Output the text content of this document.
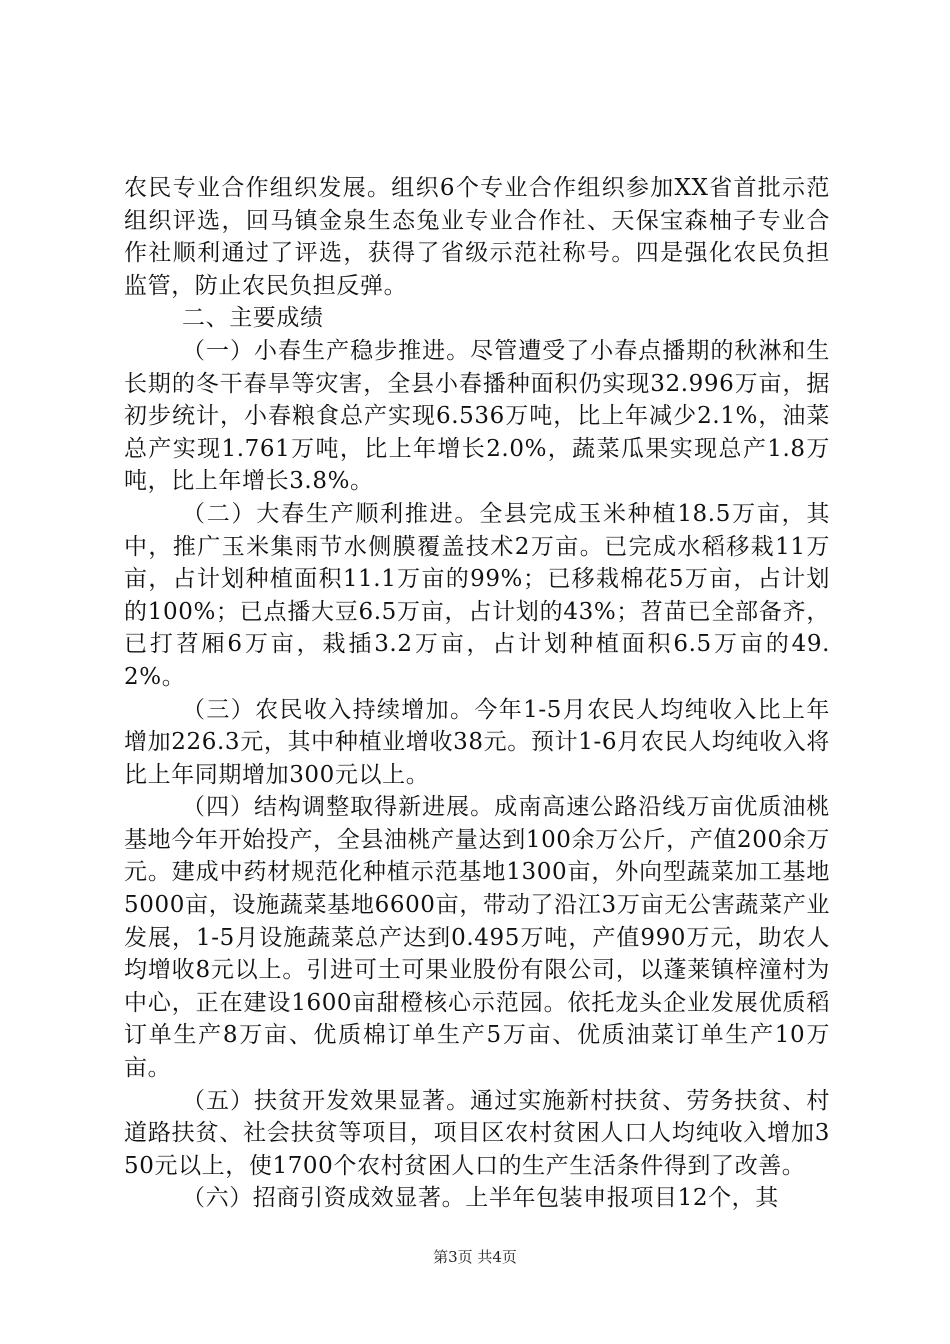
农民专业合作组织发展。组织6个专业合作组织参加XX省首批示范组织评选，回马镇金泉生态兔业专业合作社、天保宝森柚子专业合作社顺利通过了评选，获得了省级示范社称号。四是强化农民负担监管，防止农民负担反弹。

二、主要成绩

（一）小春生产稳步推进。尽管遭受了小春点播期的秋淋和生长期的冬干春旱等灾害，全县小春播种面积仍实现32.996万亩，据初步统计，小春粮食总产实现6.536万吨，比上年减少2.1%，油菜总产实现1.761万吨，比上年增长2.0%，蔬菜瓜果实现总产1.8万吨，比上年增长3.8%。

（二）大春生产顺利推进。全县完成玉米种植18.5万亩，其中，推广玉米集雨节水侧膜覆盖技术2万亩。已完成水稻移栽11万亩，占计划种植面积11.1万亩的99%；已移栽棉花5万亩，占计划的100%；已点播大豆6.5万亩，占计划的43%；苕苗已全部备齐，已打苕厢6万亩，栽插3.2万亩，占计划种植面积6.5万亩的49.2%。

（三）农民收入持续增加。今年1-5月农民人均纯收入比上年增加226.3元，其中种植业增收38元。预计1-6月农民人均纯收入将比上年同期增加300元以上。

（四）结构调整取得新进展。成南高速公路沿线万亩优质油桃基地今年开始投产，全县油桃产量达到100余万公斤，产值200余万元。建成中药材规范化种植示范基地1300亩，外向型蔬菜加工基地5000亩，设施蔬菜基地6600亩，带动了沿江3万亩无公害蔬菜产业发展，1-5月设施蔬菜总产达到0.495万吨，产值990万元，助农人均增收8元以上。引进可土可果业股份有限公司，以蓬莱镇梓潼村为中心，正在建设1600亩甜橙核心示范园。依托龙头企业发展优质稻订单生产8万亩、优质棉订单生产5万亩、优质油菜订单生产10万亩。

（五）扶贫开发效果显著。通过实施新村扶贫、劳务扶贫、村道路扶贫、社会扶贫等项目，项目区农村贫困人口人均纯收入增加350元以上，使1700个农村贫困人口的生产生活条件得到了改善。

（六）招商引资成效显著。上半年包装申报项目12个，其

第3页 共4页
